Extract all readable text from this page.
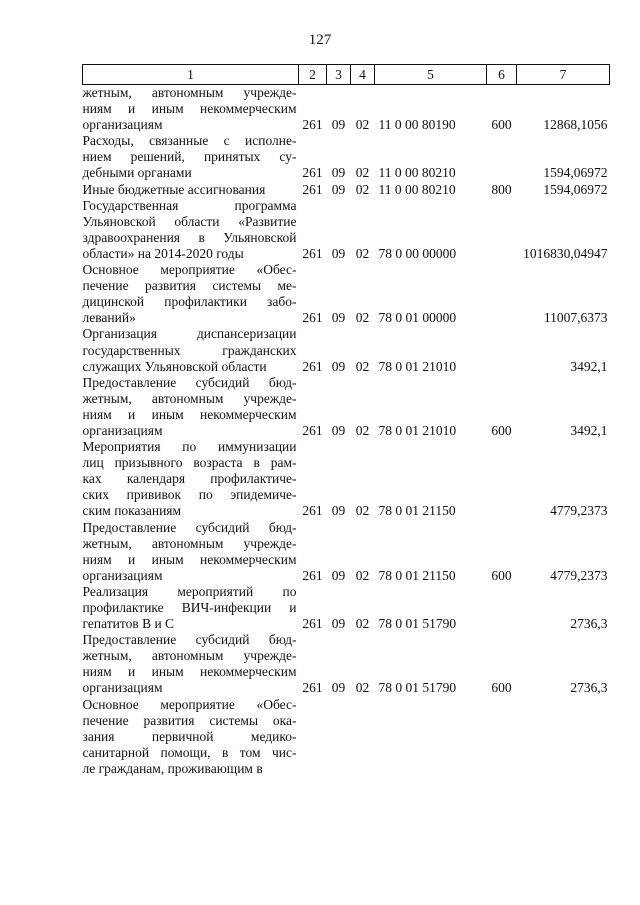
127
1	2	3	4	5	6	7

жетным, автономным учрежде-
ниям и иным некоммерческим
организациям	261	09	02	11 0 00 80190	600	12868,1056

Расходы, связанные с исполне-
нием решений, принятых су-
дебными органами	261	09	02	11 0 00 80210		1594,06972

Иные бюджетные ассигнования	261	09	02	11 0 00 80210	800	1594,06972

Государственная программа
Ульяновской области «Развитие
здравоохранения в Ульяновской
области» на 2014-2020 годы	261	09	02	78 0 00 00000		1016830,04947

Основное мероприятие «Обес-
печение развития системы ме-
дицинской профилактики забо-
леваний»	261	09	02	78 0 01 00000		11007,6373

Организация диспансеризации
государственных гражданских
служащих Ульяновской области	261	09	02	78 0 01 21010		3492,1

Предоставление субсидий бюд-
жетным, автономным учрежде-
ниям и иным некоммерческим
организациям	261	09	02	78 0 01 21010	600	3492,1

Мероприятия по иммунизации
лиц призывного возраста в рам-
ках календаря профилактиче-
ских прививок по эпидемиче-
ским показаниям	261	09	02	78 0 01 21150		4779,2373

Предоставление субсидий бюд-
жетным, автономным учрежде-
ниям и иным некоммерческим
организациям	261	09	02	78 0 01 21150	600	4779,2373

Реализация мероприятий по
профилактике ВИЧ-инфекции и
гепатитов В и С	261	09	02	78 0 01 51790		2736,3

Предоставление субсидий бюд-
жетным, автономным учрежде-
ниям и иным некоммерческим
организациям	261	09	02	78 0 01 51790	600	2736,3

Основное мероприятие «Обес-
печение развития системы ока-
зания первичной медико-
санитарной помощи, в том чис-
ле гражданам, проживающим в						
